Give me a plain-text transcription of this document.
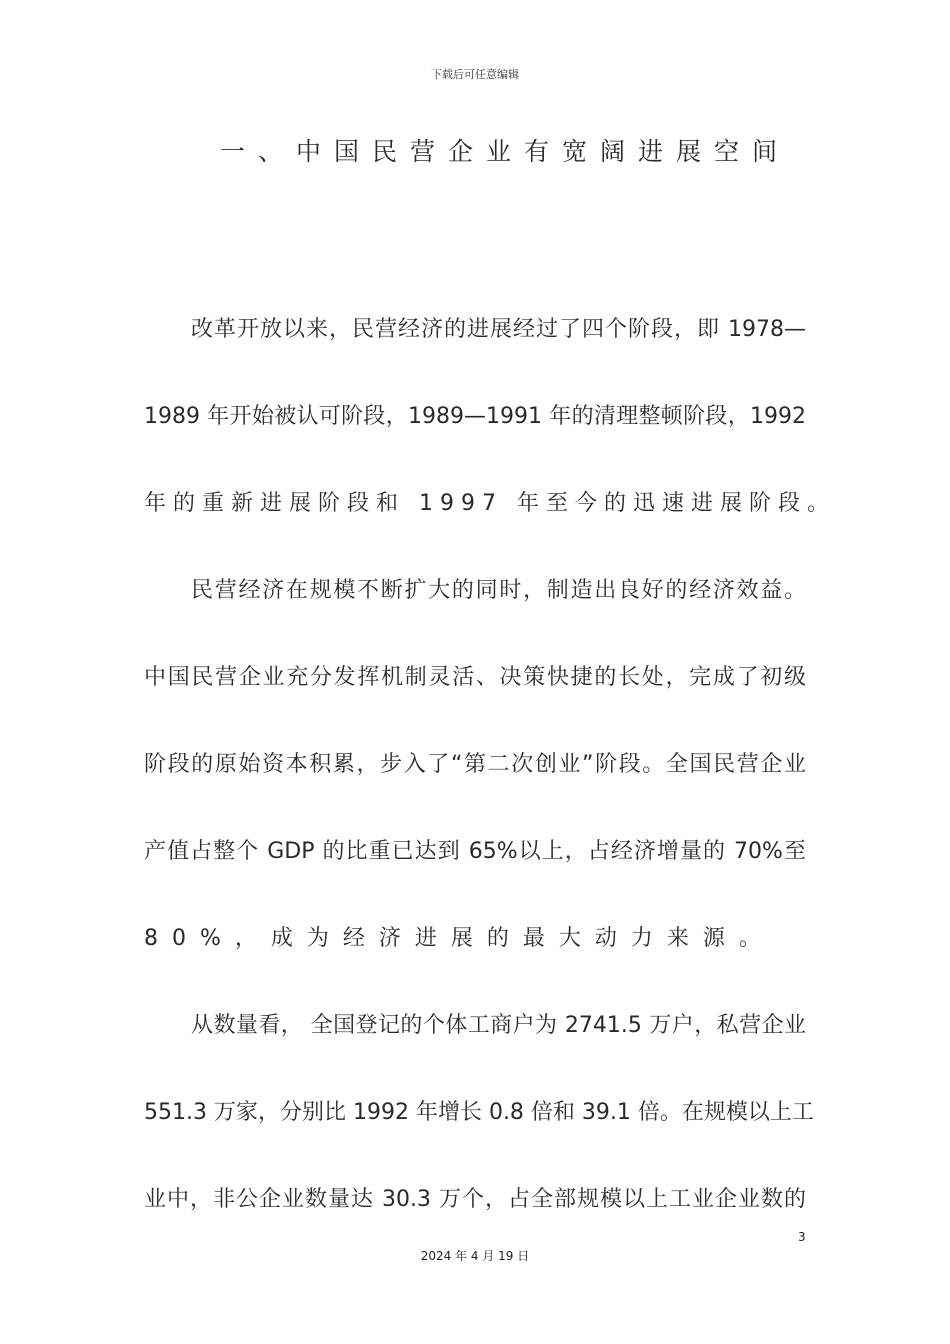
下载后可任意编辑
一、中国民营企业有宽阔进展空间
改革开放以来，民营经济的进展经过了四个阶段，即 1978—
1989 年开始被认可阶段，1989—1991 年的清理整顿阶段，1992
年的重新进展阶段和 1997 年至今的迅速进展阶段。
民营经济在规模不断扩大的同时，制造出良好的经济效益。
中国民营企业充分发挥机制灵活、决策快捷的长处，完成了初级
阶段的原始资本积累，步入了“第二次创业”阶段。全国民营企业
产值占整个 GDP 的比重已达到 65%以上，占经济增量的 70%至
80%，成为经济进展的最大动力来源。
从数量看， 全国登记的个体工商户为 2741.5 万户，私营企业
551.3 万家，分别比 1992 年增长 0.8 倍和 39.1 倍。在规模以上工
业中，非公企业数量达 30.3 万个，占全部规模以上工业企业数的
3
2024 年 4 月 19 日
